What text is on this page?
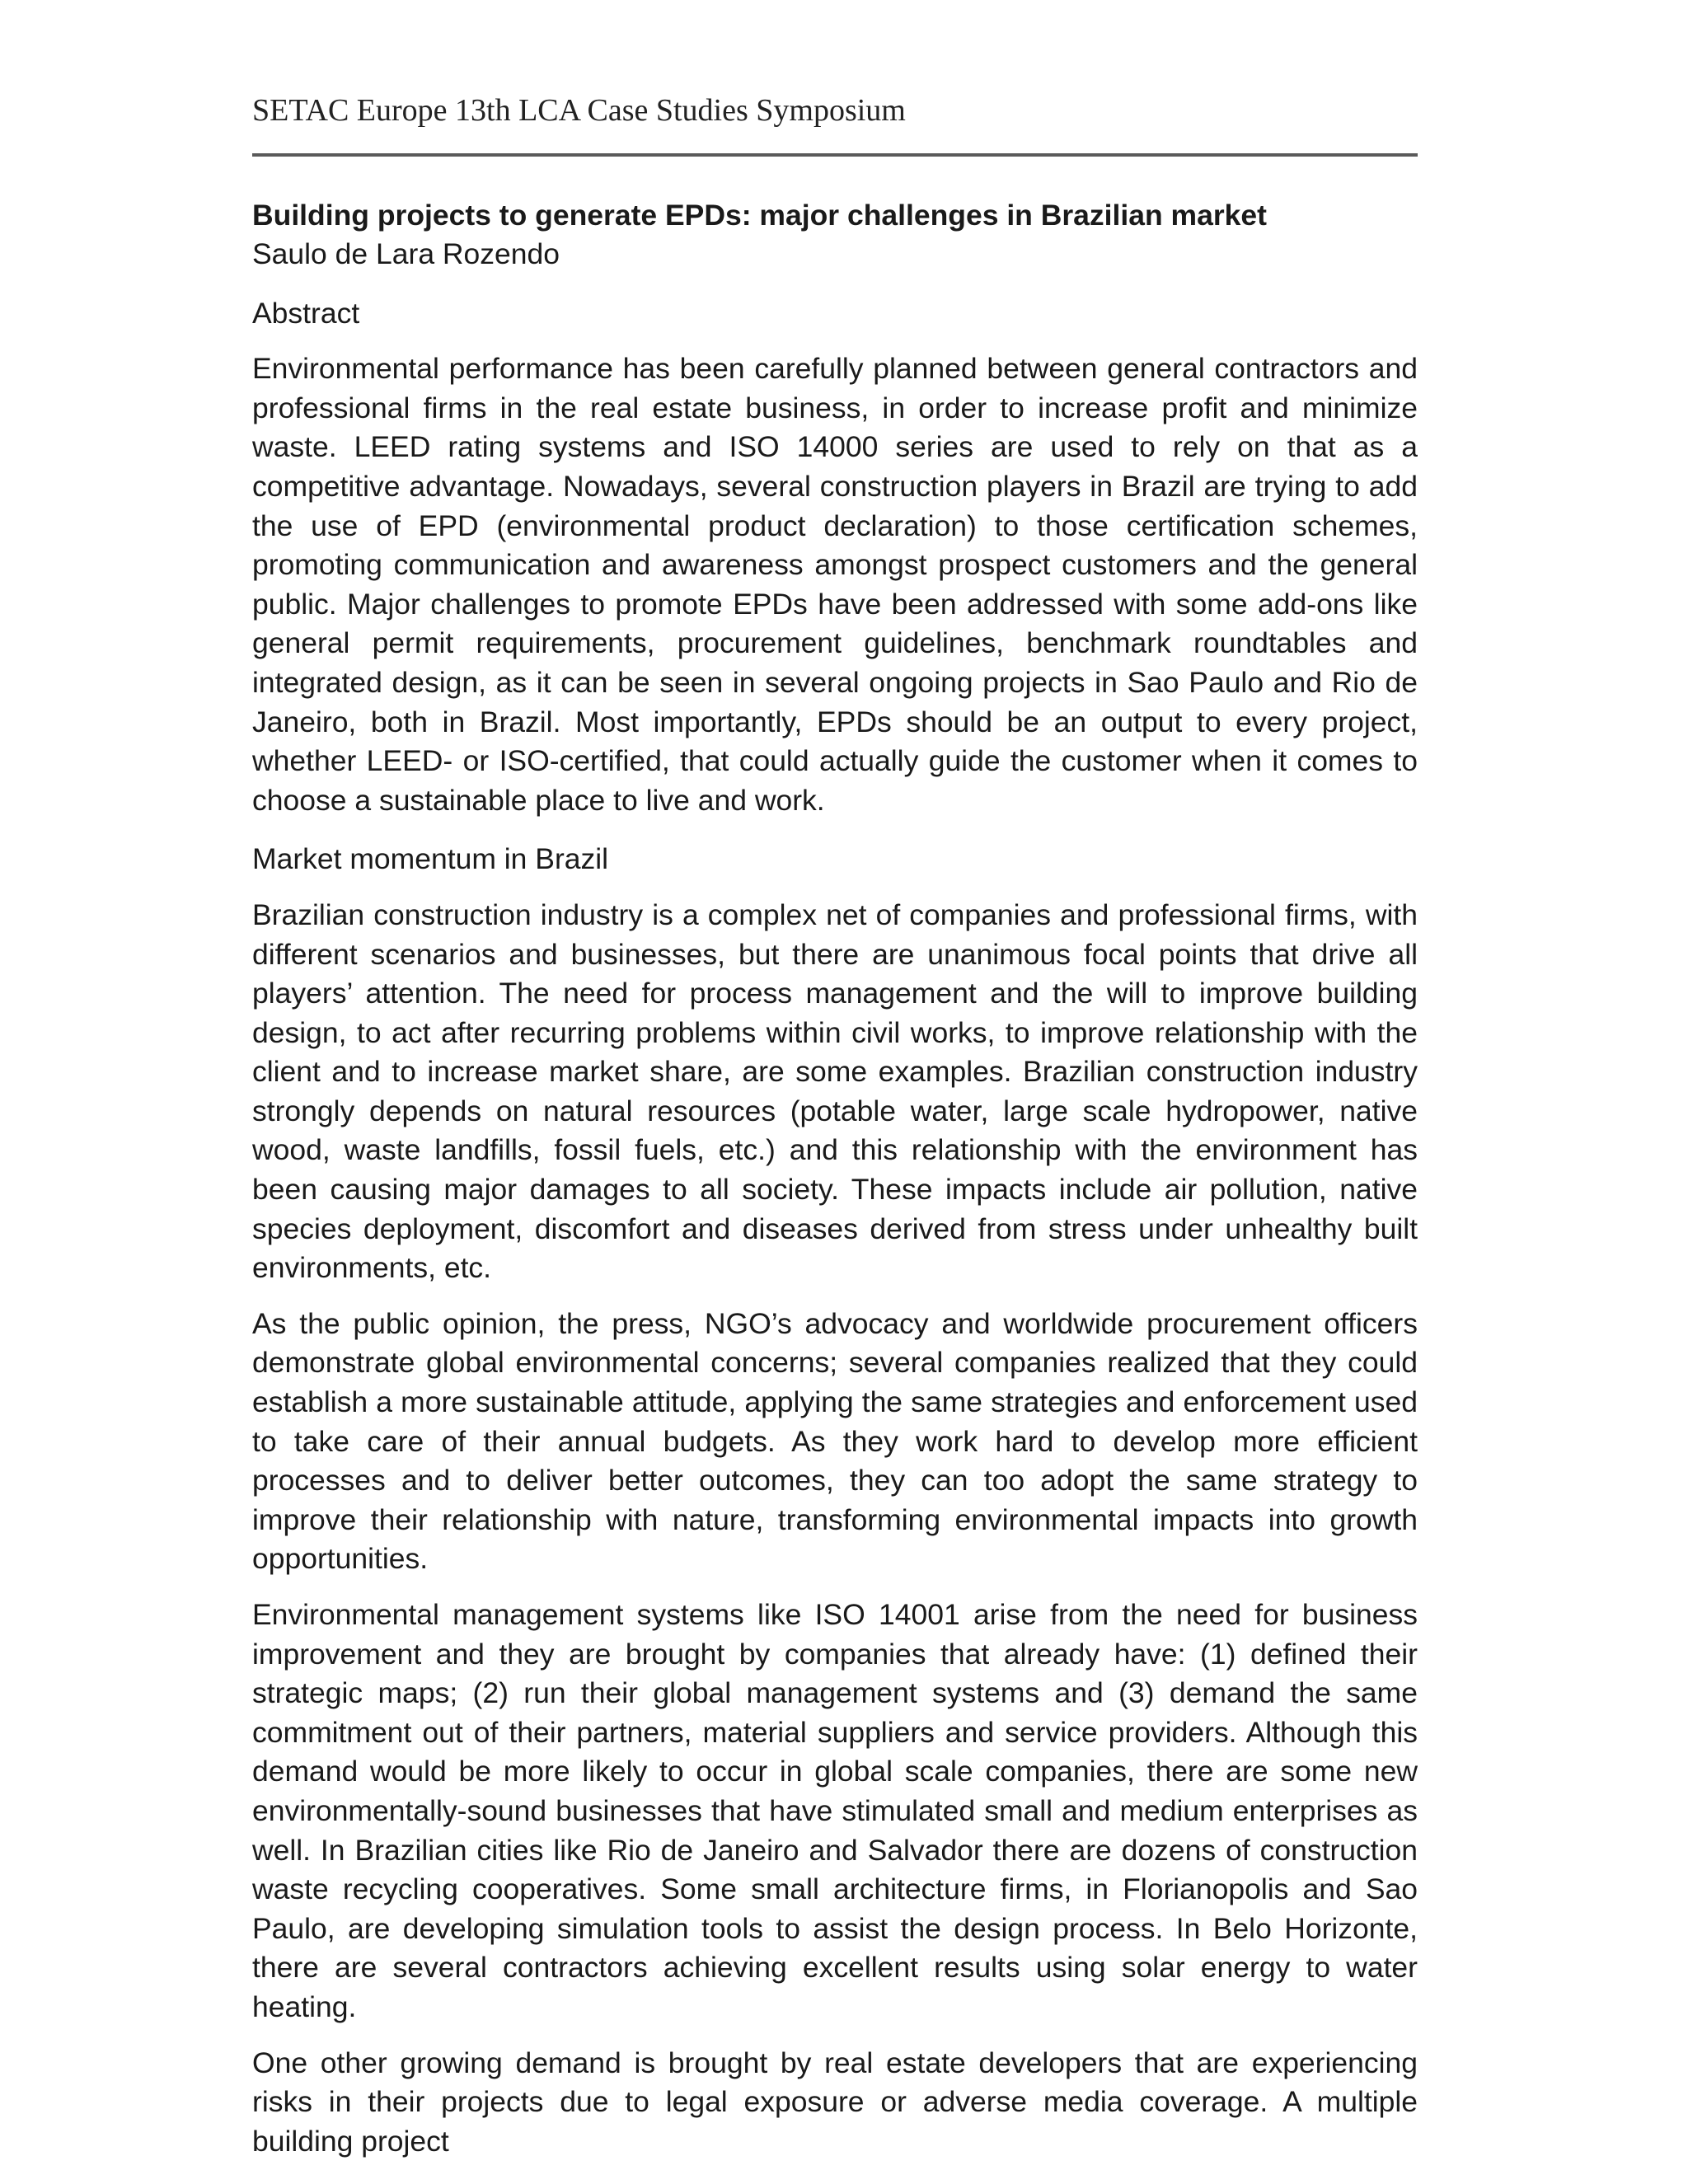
SETAC Europe 13th LCA Case Studies Symposium
Building projects to generate EPDs: major challenges in Brazilian market

Saulo de Lara Rozendo

Abstract

Environmental performance has been carefully planned between general contractors and professional firms in the real estate business, in order to increase profit and minimize waste. LEED rating systems and ISO 14000 series are used to rely on that as a competitive advantage. Nowadays, several construction players in Brazil are trying to add the use of EPD (environmental product declaration) to those certification schemes, promoting communication and awareness amongst prospect customers and the general public. Major challenges to promote EPDs have been addressed with some add-ons like general permit requirements, procurement guidelines, benchmark roundtables and integrated design, as it can be seen in several ongoing projects in Sao Paulo and Rio de Janeiro, both in Brazil. Most importantly, EPDs should be an output to every project, whether LEED- or ISO-certified, that could actually guide the customer when it comes to choose a sustainable place to live and work.

Market momentum in Brazil

Brazilian construction industry is a complex net of companies and professional firms, with different scenarios and businesses, but there are unanimous focal points that drive all players’ attention. The need for process management and the will to improve building design, to act after recurring problems within civil works, to improve relationship with the client and to increase market share, are some examples. Brazilian construction industry strongly depends on natural resources (potable water, large scale hydropower, native wood, waste landfills, fossil fuels, etc.) and this relationship with the environment has been causing major damages to all society. These impacts include air pollution, native species deployment, discomfort and diseases derived from stress under unhealthy built environments, etc.

As the public opinion, the press, NGO’s advocacy and worldwide procurement officers demonstrate global environmental concerns; several companies realized that they could establish a more sustainable attitude, applying the same strategies and enforcement used to take care of their annual budgets. As they work hard to develop more efficient processes and to deliver better outcomes, they can too adopt the same strategy to improve their relationship with nature, transforming environmental impacts into growth opportunities.

Environmental management systems like ISO 14001 arise from the need for business improvement and they are brought by companies that already have: (1) defined their strategic maps; (2) run their global management systems and (3) demand the same commitment out of their partners, material suppliers and service providers. Although this demand would be more likely to occur in global scale companies, there are some new environmentally-sound businesses that have stimulated small and medium enterprises as well. In Brazilian cities like Rio de Janeiro and Salvador there are dozens of construction waste recycling cooperatives. Some small architecture firms, in Florianopolis and Sao Paulo, are developing simulation tools to assist the design process. In Belo Horizonte, there are several contractors achieving excellent results using solar energy to water heating.

One other growing demand is brought by real estate developers that are experiencing risks in their projects due to legal exposure or adverse media coverage. A multiple building project
